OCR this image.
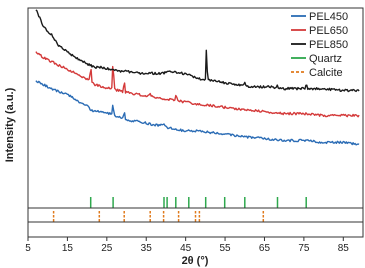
5	15	25	35	45	55	65	75	85
2θ (°)
Intensity (a.u.)
PEL450
PEL650
PEL850
Quartz
Calcite
